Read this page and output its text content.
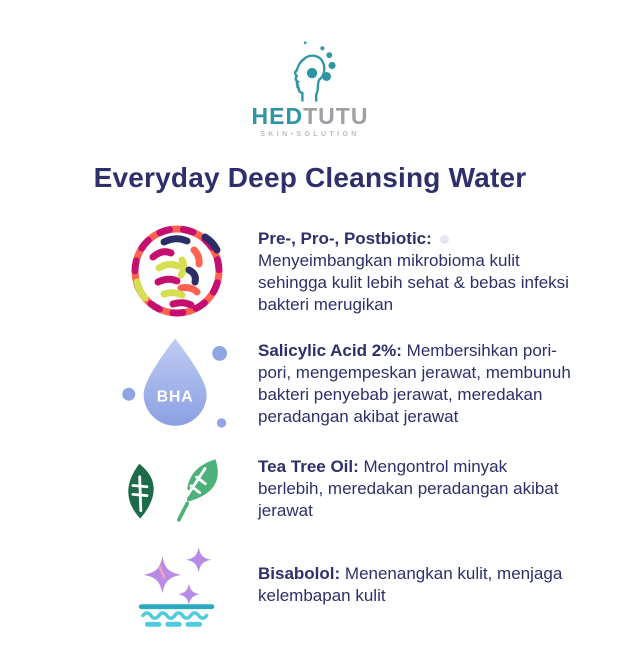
HEDTUTU
SKIN•SOLUTION
Everyday Deep Cleansing Water
Pre-, Pro-, Postbiotic: Menyeimbangkan mikrobioma kulit sehingga kulit lebih sehat & bebas infeksi bakteri merugikan
BHA
Salicylic Acid 2%: Membersihkan pori-pori, mengempeskan jerawat, membunuh bakteri penyebab jerawat, meredakan peradangan akibat jerawat
Tea Tree Oil: Mengontrol minyak berlebih, meredakan peradangan akibat jerawat
Bisabolol: Menenangkan kulit, menjaga kelembapan kulit
